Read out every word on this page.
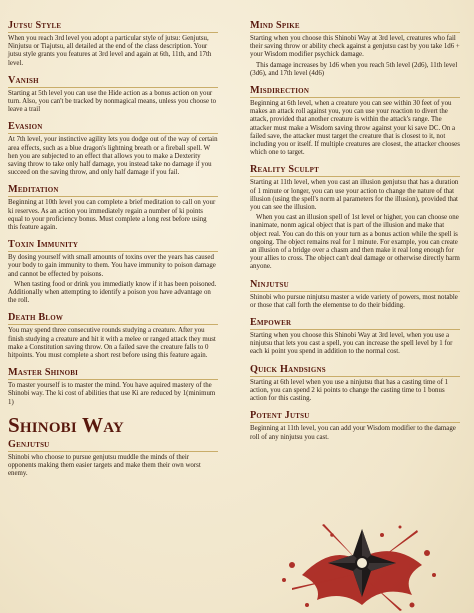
Jutsu Style
When you reach 3rd level you adopt a particular style of jutsu: Genjutsu, Ninjutsu or Tiajutsu, all detailed at the end of the class description. Your jutsu style grants you features at 3rd level and again at 6th, 11th, and 17th level.
Vanish
Starting at 5th level you can use the Hide action as a bonus action on your turn. Also, you can't be tracked by nonmagical means, unless you choose to leave a trail
Evasion
At 7th level, your instinctive agility lets you dodge out of the way of certain area effects, such as a blue dragon's lightning breath or a fireball spell. W hen you are subjected to an effect that allows you to make a Dexterity saving throw to take only half damage, you instead take no damage if you succeed on the saving throw, and only half damage if you fail.
Meditation
Beginning at 10th level you can complete a brief meditation to call on your ki reserves. As an action you immediately regain a number of ki points equal to your proficiency bonus. Must complete a long rest before using this feature again.
Toxin Immunity
By dosing yourself with small amounts of toxins over the years has caused your body to gain immunity to them. You have immunity to poison damage and cannot be effected by poisons.
When tasting food or drink you immediatly know if it has been poisoned. Additionally when attempting to identify a poison you have advantage on the roll.
Death Blow
You may spend three consecutive rounds studying a creature. After you finish studying a creature and hit it with a melee or ranged attack they must make a Constitution saving throw. On a failed save the creature falls to 0 hitpoints. You must complete a short rest before using this feature again.
Master Shinobi
To master yourself is to master the mind. You have aquired mastery of the Shinobi way. The ki cost of abilities that use Ki are reduced by 1(minimum 1)
Shinobi Way
Genjutsu
Shinobi who choose to pursue genjutsu muddle the minds of their opponents making them easier targets and make them their own worst enemy.
Mind Spike
Starting when you choose this Shinobi Way at 3rd level, creatures who fail their saving throw or ability check against a genjutsu cast by you take 1d6 + your Wisdom modifier psychick damage.
This damage increases by 1d6 when you reach 5th level (2d6), 11th level (3d6), and 17th level (4d6)
Misdirection
Beginning at 6th level, when a creature you can see within 30 feet of you makes an attack roll against you, you can use your reaction to divert the attack, provided that another creature is within the attack's range. The attacker must make a Wisdom saving throw against your ki save DC. On a failed save, the attacker must target the creature that is closest to it, not including you or itself. If multiple creatures are closest, the attacker chooses which one to target.
Reality Sculpt
Starting at 11th level, when you cast an illusion genjutsu that has a duration of 1 minute or longer, you can use your action to change the nature of that illusion (using the spell's norm al parameters for the illusion), provided that you can see the illusion.
When you cast an illusion spell of 1st level or higher, you can choose one inanimate, nonm agical object that is part of the illusion and make that object real. You can do this on your turn as a bonus action while the spell is ongoing. The object remains real for 1 minute. For example, you can create an illusion of a bridge over a chasm and then make it real long enough for your allies to cross. The object can't deal damage or otherwise directly harm anyone.
Ninjutsu
Shinobi who pursue ninjutsu master a wide variety of powers, most notable or those that call forth the elementse to do their bidding.
Empower
Starting when you choose this Shinobi Way at 3rd level, when you use a ninjutsu that lets you cast a spell, you can increase the spell level by 1 for each ki point you spend in addition to the normal cost.
Quick Handsigns
Starting at 6th level when you use a ninjutsu that has a casting time of 1 action, you can spend 2 ki points to change the casting time to 1 bonus action for this casting.
Potent Jutsu
Beginning at 11th level, you can add your Wisdom modifier to the damage roll of any ninjutsu you cast.
